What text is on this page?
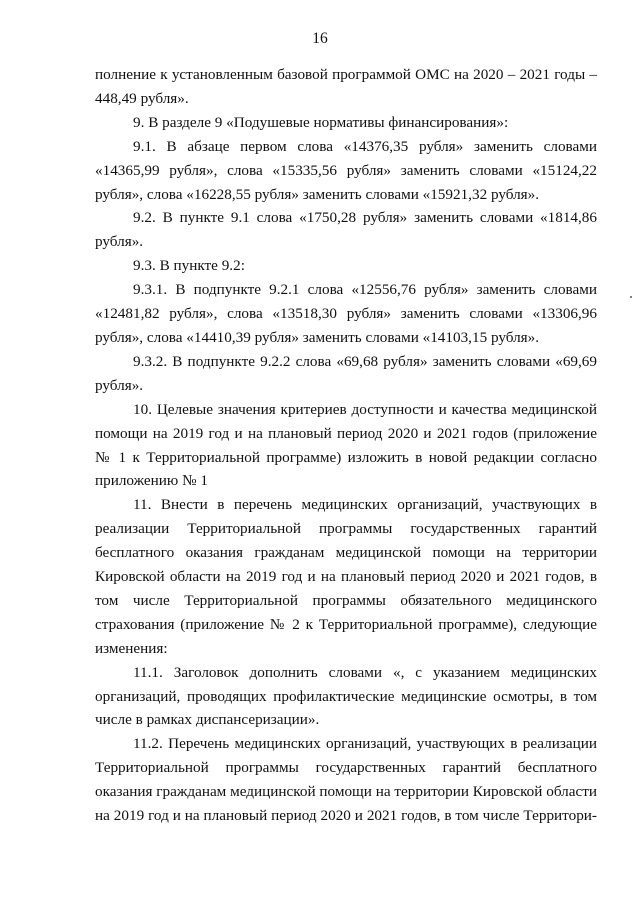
16

полнение к установленным базовой программой ОМС на 2020 – 2021 годы – 448,49 рубля».

9. В разделе 9 «Подушевые нормативы финансирования»:

9.1. В абзаце первом слова «14376,35 рубля» заменить словами «14365,99 рубля», слова «15335,56 рубля» заменить словами «15124,22 рубля», слова «16228,55 рубля» заменить словами «15921,32 рубля».

9.2. В пункте 9.1 слова «1750,28 рубля» заменить словами «1814,86 рубля».

9.3. В пункте 9.2:

9.3.1. В подпункте 9.2.1 слова «12556,76 рубля» заменить словами «12481,82 рубля», слова «13518,30 рубля» заменить словами «13306,96 рубля», слова «14410,39 рубля» заменить словами «14103,15 рубля».

9.3.2. В подпункте 9.2.2 слова «69,68 рубля» заменить словами «69,69 рубля».

10. Целевые значения критериев доступности и качества медицинской помощи на 2019 год и на плановый период 2020 и 2021 годов (приложение № 1 к Территориальной программе) изложить в новой редакции согласно приложению № 1

11. Внести в перечень медицинских организаций, участвующих в реализации Территориальной программы государственных гарантий бесплатного оказания гражданам медицинской помощи на территории Кировской области на 2019 год и на плановый период 2020 и 2021 годов, в том числе Территориальной программы обязательного медицинского страхования (приложение № 2 к Территориальной программе), следующие изменения:

11.1. Заголовок дополнить словами «, с указанием медицинских организаций, проводящих профилактические медицинские осмотры, в том числе в рамках диспансеризации».

11.2. Перечень медицинских организаций, участвующих в реализации Территориальной программы государственных гарантий бесплатного оказания гражданам медицинской помощи на территории Кировской области на 2019 год и на плановый период 2020 и 2021 годов, в том числе Территори-
